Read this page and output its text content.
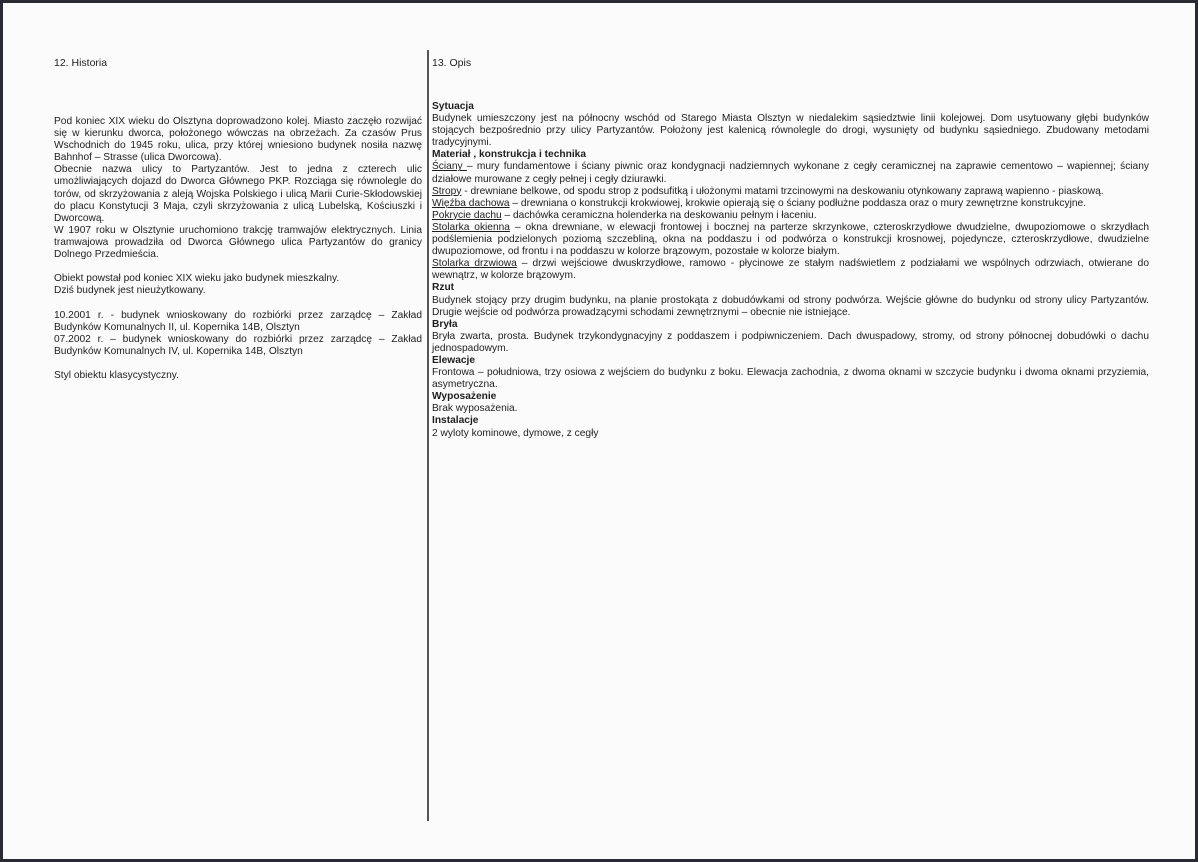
12. Historia

Pod koniec XIX wieku do Olsztyna doprowadzono kolej. Miasto zaczęło rozwijać się w kierunku dworca, położonego wówczas na obrzeżach. Za czasów Prus Wschodnich do 1945 roku, ulica, przy której wniesiono budynek nosiła nazwę Bahnhof – Strasse (ulica Dworcowa).

Obecnie nazwa ulicy to Partyzantów. Jest to jedna z czterech ulic umożliwiających dojazd do Dworca Głównego PKP. Rozciąga się równolegle do torów, od skrzyżowania z aleją Wojska Polskiego i ulicą Marii Curie-Skłodowskiej do placu Konstytucji 3 Maja, czyli skrzyżowania z ulicą Lubelską, Kościuszki i Dworcową.

W 1907 roku w Olsztynie uruchomiono trakcję tramwajów elektrycznych. Linia tramwajowa prowadziła od Dworca Głównego ulica Partyzantów do granicy Dolnego Przedmieścia.

Obiekt powstał pod koniec XIX wieku jako budynek mieszkalny.

Dziś budynek jest nieużytkowany.

10.2001 r. - budynek wnioskowany do rozbiórki przez zarządcę – Zakład Budynków Komunalnych II, ul. Kopernika 14B, Olsztyn

07.2002 r. – budynek wnioskowany do rozbiórki przez zarządcę – Zakład Budynków Komunalnych IV, ul. Kopernika 14B, Olsztyn

Styl obiektu klasycystyczny.

13. Opis

Sytuacja

Budynek umieszczony jest na północny wschód od Starego Miasta Olsztyn w niedalekim sąsiedztwie linii kolejowej. Dom usytuowany głębi budynków stojących bezpośrednio przy ulicy Partyzantów. Położony jest kalenicą równolegle do drogi, wysunięty od budynku sąsiedniego. Zbudowany metodami tradycyjnymi.

Materiał , konstrukcja i technika

Ściany – mury fundamentowe i ściany piwnic oraz kondygnacji nadziemnych wykonane z cegły ceramicznej na zaprawie cementowo – wapiennej; ściany działowe murowane z cegły pełnej i cegły dziurawki.

Stropy - drewniane belkowe, od spodu strop z podsufitką i ułożonymi matami trzcinowymi na deskowaniu otynkowany zaprawą wapienno - piaskową.

Więźba dachowa – drewniana o konstrukcji krokwiowej, krokwie opierają się o ściany podłużne poddasza oraz o mury zewnętrzne konstrukcyjne.

Pokrycie dachu – dachówka ceramiczna holenderka na deskowaniu pełnym i łaceniu.

Stolarka okienna – okna drewniane, w elewacji frontowej i bocznej na parterze skrzynkowe, czteroskrzydłowe dwudzielne, dwupoziomowe o skrzydłach podślemienia podzielonych poziomą szczebliną, okna na poddaszu i od podwórza o konstrukcji krosnowej, pojedyncze, czteroskrzydłowe, dwudzielne dwupoziomowe, od frontu i na poddaszu w kolorze brązowym, pozostałe w kolorze białym.

Stolarka drzwiowa – drzwi wejściowe dwuskrzydłowe, ramowo - płycinowe ze stałym nadświetlem z podziałami we wspólnych odrzwiach, otwierane do wewnątrz, w kolorze brązowym.

Rzut

Budynek stojący przy drugim budynku, na planie prostokąta z dobudówkami od strony podwórza. Wejście główne do budynku od strony ulicy Partyzantów. Drugie wejście od podwórza prowadzącymi schodami zewnętrznymi – obecnie nie istniejące.

Bryła

Bryła zwarta, prosta. Budynek trzykondygnacyjny z poddaszem i podpiwniczeniem. Dach dwuspadowy, stromy, od strony północnej dobudówki o dachu jednospadowym.

Elewacje

Frontowa – południowa, trzy osiowa z wejściem do budynku z boku. Elewacja zachodnia, z dwoma oknami w szczycie budynku i dwoma oknami przyziemia, asymetryczna.

Wyposażenie

Brak wyposażenia.

Instalacje

2 wyloty kominowe, dymowe, z cegły
